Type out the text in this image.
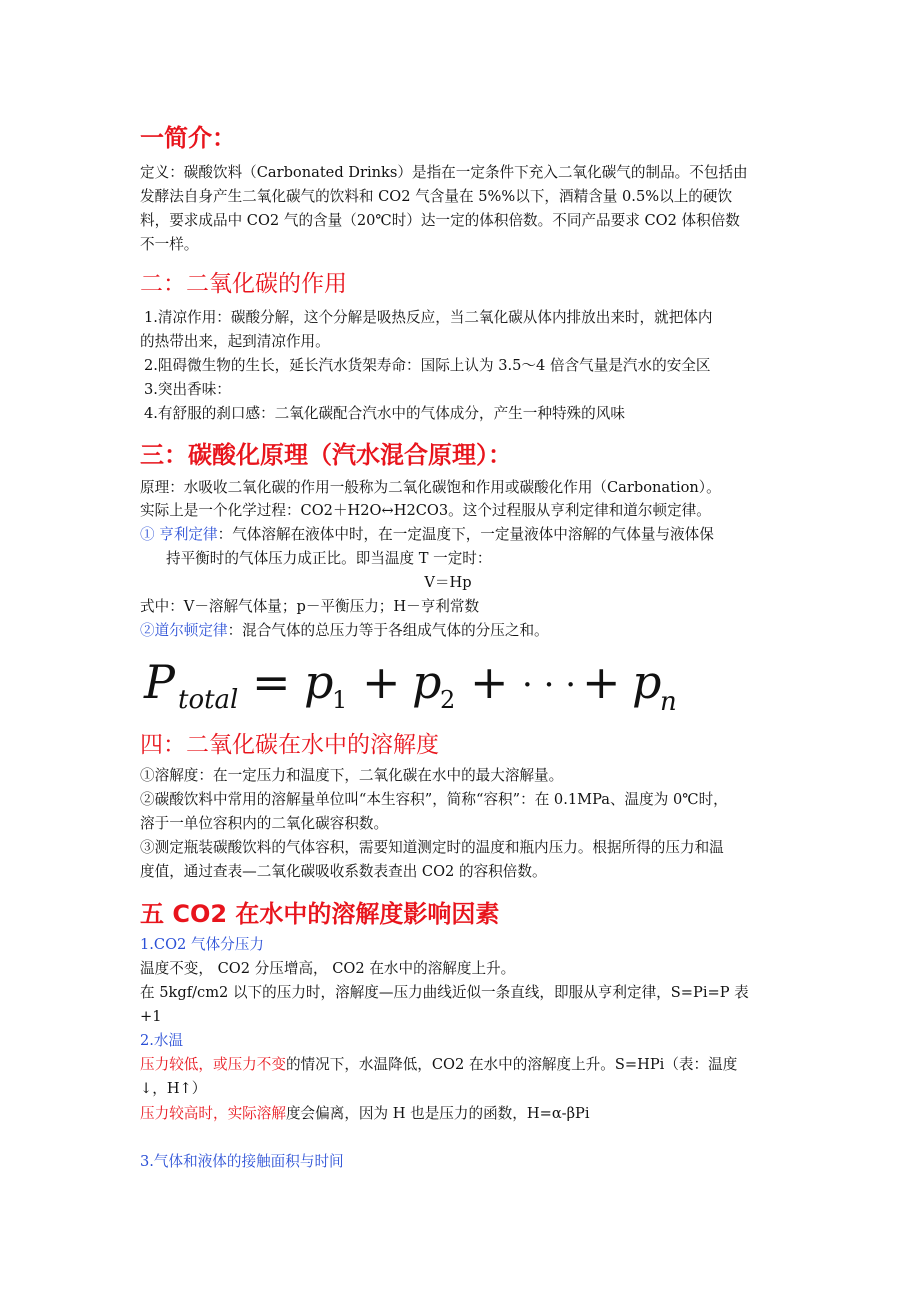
一简介：
定义：碳酸饮料（Carbonated Drinks）是指在一定条件下充入二氧化碳气的制品。不包括由
发酵法自身产生二氧化碳气的饮料和 CO2 气含量在 5%%以下，酒精含量 0.5%以上的硬饮
料，要求成品中 CO2 气的含量（20℃时）达一定的体积倍数。不同产品要求 CO2 体积倍数
不一样。
二：二氧化碳的作用
1.清凉作用：碳酸分解，这个分解是吸热反应，当二氧化碳从体内排放出来时，就把体内
的热带出来，起到清凉作用。
2.阻碍微生物的生长，延长汽水货架寿命：国际上认为 3.5～4 倍含气量是汽水的安全区
3.突出香味：
4.有舒服的刹口感：二氧化碳配合汽水中的气体成分，产生一种特殊的风味
三：碳酸化原理（汽水混合原理）：
原理：水吸收二氧化碳的作用一般称为二氧化碳饱和作用或碳酸化作用（Carbonation）。
实际上是一个化学过程：CO2＋H2O↔H2CO3。这个过程服从亨利定律和道尔顿定律。
① 亨利定律：气体溶解在液体中时，在一定温度下，一定量液体中溶解的气体量与液体保
持平衡时的气体压力成正比。即当温度 T 一定时：
V＝Hp
式中：V－溶解气体量；p－平衡压力；H－亨利常数
②道尔顿定律：混合气体的总压力等于各组成气体的分压之和。
P total = p
1 + p
2 + · · · + p
n
四：二氧化碳在水中的溶解度
①溶解度：在一定压力和温度下，二氧化碳在水中的最大溶解量。
②碳酸饮料中常用的溶解量单位叫“本生容积”，简称“容积”：在 0.1MPa、温度为 0℃时，
溶于一单位容积内的二氧化碳容积数。
③测定瓶装碳酸饮料的气体容积，需要知道测定时的温度和瓶内压力。根据所得的压力和温
度值，通过查表—二氧化碳吸收系数表查出 CO2 的容积倍数。
五 CO2 在水中的溶解度影响因素
1.CO2 气体分压力
温度不变， CO2 分压增高， CO2 在水中的溶解度上升。
在 5kgf/cm2 以下的压力时，溶解度—压力曲线近似一条直线，即服从亨利定律，S=Pi=P 表
+1
2.水温
压力较低，或压力不变的情况下，水温降低，CO2 在水中的溶解度上升。S=HPi（表：温度
↓，H↑）
压力较高时，实际溶解度会偏离，因为 H 也是压力的函数，H=α-βPi
3.气体和液体的接触面积与时间
